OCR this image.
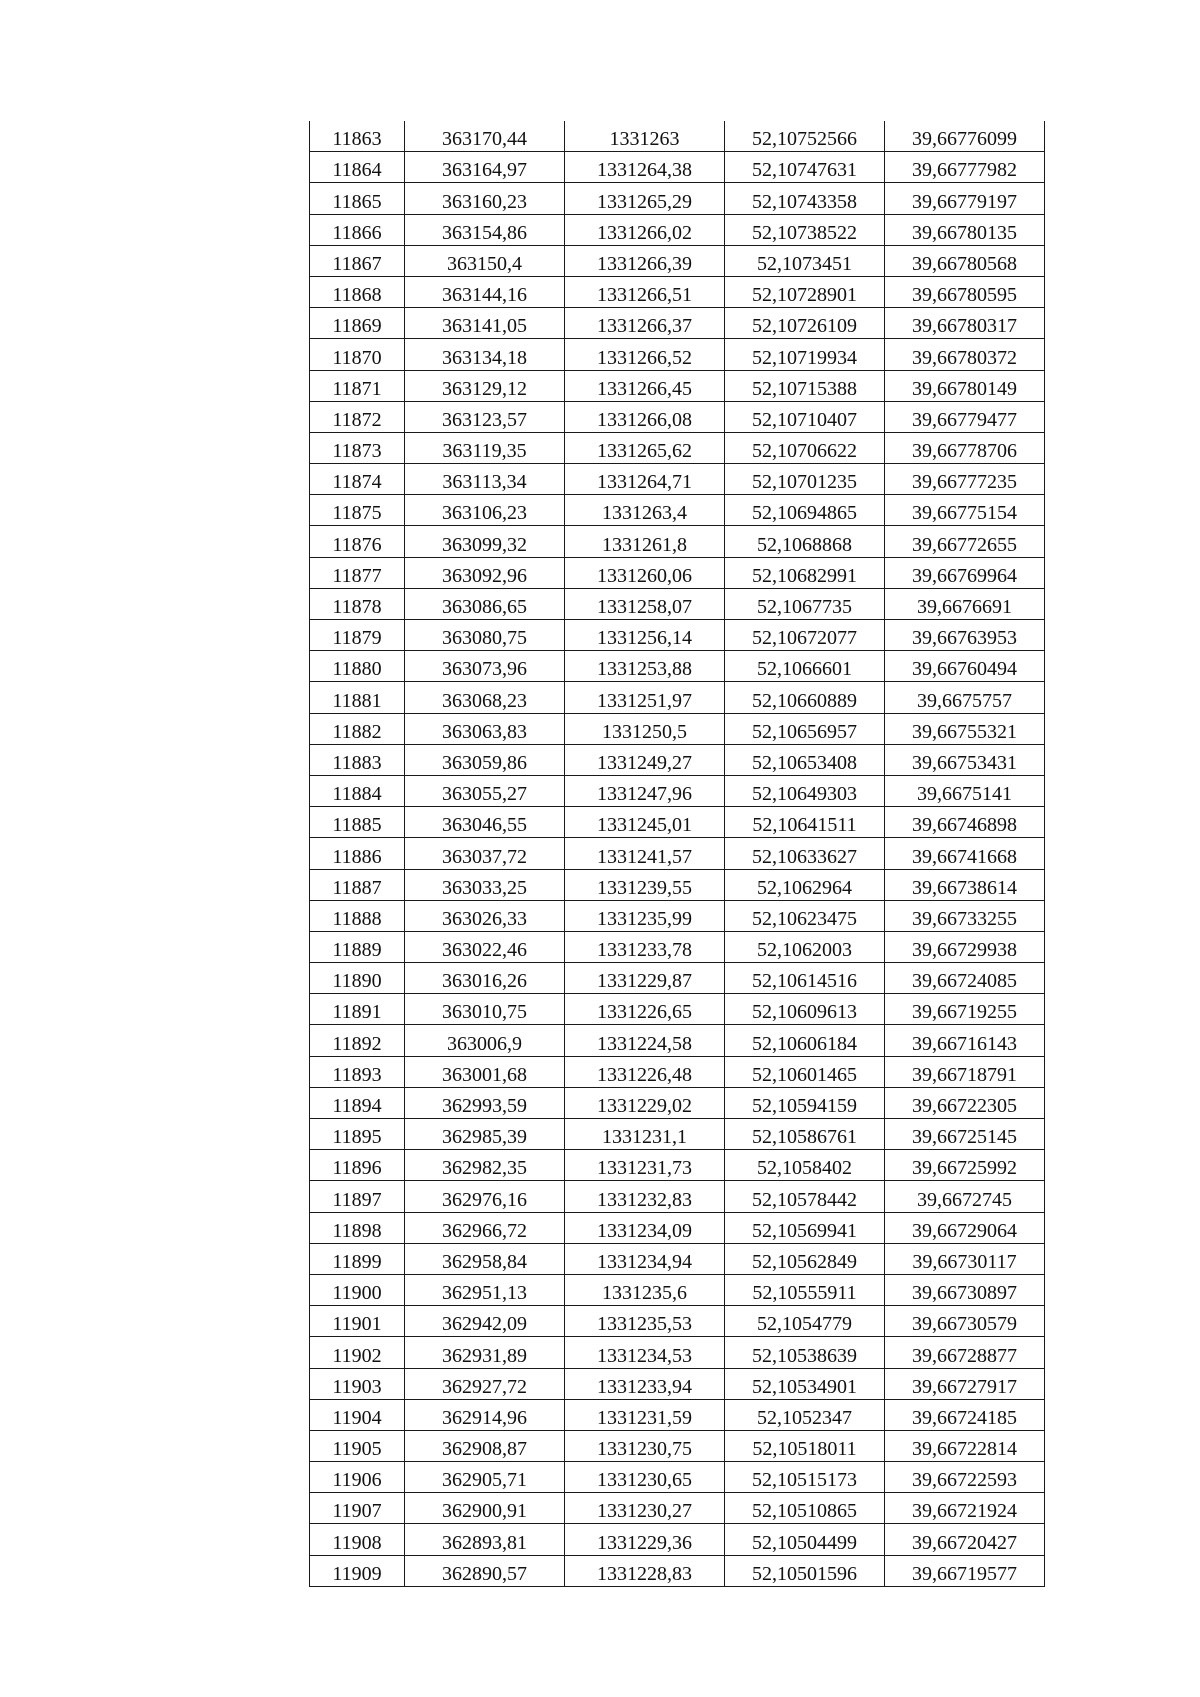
11863	363170,44	1331263	52,10752566	39,66776099
11864	363164,97	1331264,38	52,10747631	39,66777982
11865	363160,23	1331265,29	52,10743358	39,66779197
11866	363154,86	1331266,02	52,10738522	39,66780135
11867	363150,4	1331266,39	52,1073451	39,66780568
11868	363144,16	1331266,51	52,10728901	39,66780595
11869	363141,05	1331266,37	52,10726109	39,66780317
11870	363134,18	1331266,52	52,10719934	39,66780372
11871	363129,12	1331266,45	52,10715388	39,66780149
11872	363123,57	1331266,08	52,10710407	39,66779477
11873	363119,35	1331265,62	52,10706622	39,66778706
11874	363113,34	1331264,71	52,10701235	39,66777235
11875	363106,23	1331263,4	52,10694865	39,66775154
11876	363099,32	1331261,8	52,1068868	39,66772655
11877	363092,96	1331260,06	52,10682991	39,66769964
11878	363086,65	1331258,07	52,1067735	39,6676691
11879	363080,75	1331256,14	52,10672077	39,66763953
11880	363073,96	1331253,88	52,1066601	39,66760494
11881	363068,23	1331251,97	52,10660889	39,6675757
11882	363063,83	1331250,5	52,10656957	39,66755321
11883	363059,86	1331249,27	52,10653408	39,66753431
11884	363055,27	1331247,96	52,10649303	39,6675141
11885	363046,55	1331245,01	52,10641511	39,66746898
11886	363037,72	1331241,57	52,10633627	39,66741668
11887	363033,25	1331239,55	52,1062964	39,66738614
11888	363026,33	1331235,99	52,10623475	39,66733255
11889	363022,46	1331233,78	52,1062003	39,66729938
11890	363016,26	1331229,87	52,10614516	39,66724085
11891	363010,75	1331226,65	52,10609613	39,66719255
11892	363006,9	1331224,58	52,10606184	39,66716143
11893	363001,68	1331226,48	52,10601465	39,66718791
11894	362993,59	1331229,02	52,10594159	39,66722305
11895	362985,39	1331231,1	52,10586761	39,66725145
11896	362982,35	1331231,73	52,1058402	39,66725992
11897	362976,16	1331232,83	52,10578442	39,6672745
11898	362966,72	1331234,09	52,10569941	39,66729064
11899	362958,84	1331234,94	52,10562849	39,66730117
11900	362951,13	1331235,6	52,10555911	39,66730897
11901	362942,09	1331235,53	52,1054779	39,66730579
11902	362931,89	1331234,53	52,10538639	39,66728877
11903	362927,72	1331233,94	52,10534901	39,66727917
11904	362914,96	1331231,59	52,1052347	39,66724185
11905	362908,87	1331230,75	52,10518011	39,66722814
11906	362905,71	1331230,65	52,10515173	39,66722593
11907	362900,91	1331230,27	52,10510865	39,66721924
11908	362893,81	1331229,36	52,10504499	39,66720427
11909	362890,57	1331228,83	52,10501596	39,66719577
